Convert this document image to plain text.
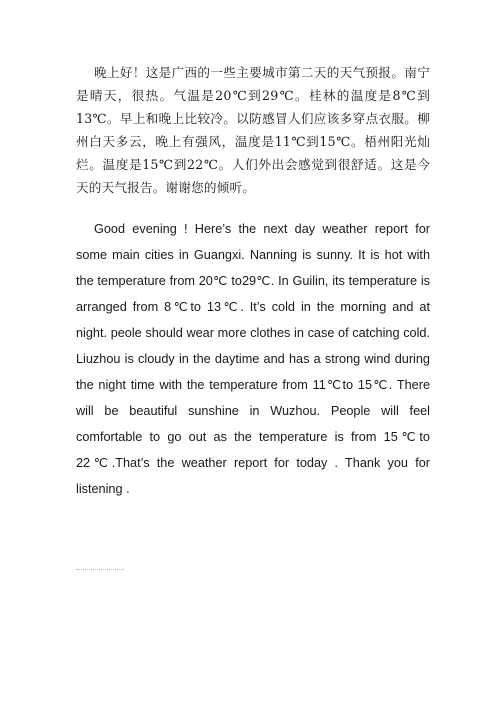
晚上好！这是广西的一些主要城市第二天的天气预报。南宁是晴天，很热。气温是20℃到29℃。桂林的温度是8℃到13℃。早上和晚上比较冷。以防感冒人们应该多穿点衣服。柳州白天多云，晚上有强风，温度是11℃到15℃。梧州阳光灿烂。温度是15℃到22℃。人们外出会感觉到很舒适。这是今天的天气报告。谢谢您的倾听。

Good evening ! Here’s the next day weather report for some main cities in Guangxi. Nanning is sunny. It is hot with the temperature from 20℃ to29℃. In Guilin, its temperature is arranged from 8℃to 13℃. It’s cold in the morning and at night. peole should wear more clothes in case of catching cold. Liuzhou is cloudy in the daytime and has a strong wind during the night time with the temperature from 11℃to 15℃. There will be beautiful sunshine in Wuzhou. People will feel comfortable to go out as the temperature is from 15℃to 22℃.That’s the weather report for today . Thank you for listening .
